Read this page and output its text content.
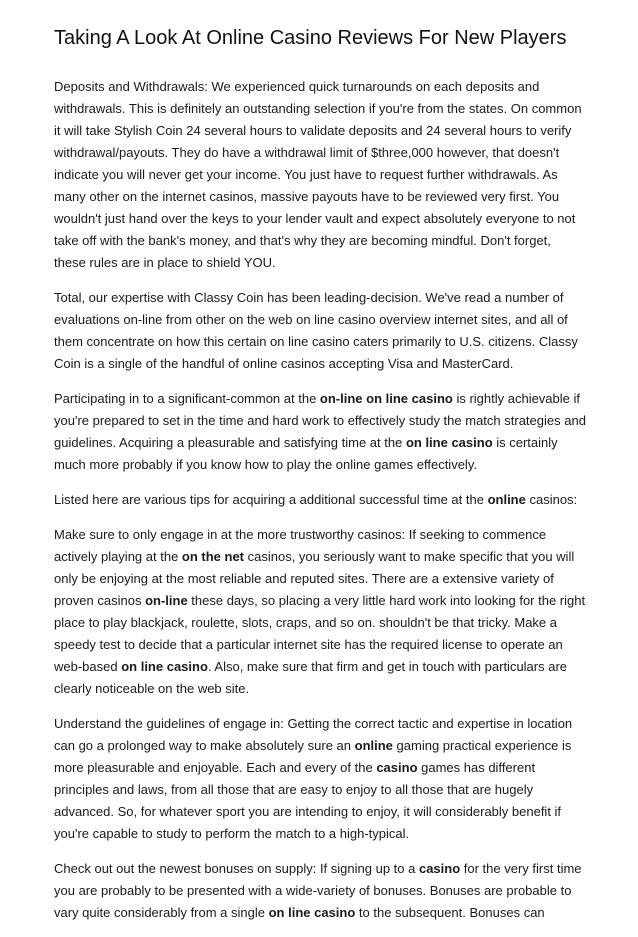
Taking A Look At Online Casino Reviews For New Players

Deposits and Withdrawals: We experienced quick turnarounds on each deposits and withdrawals. This is definitely an outstanding selection if you're from the states. On common it will take Stylish Coin 24 several hours to validate deposits and 24 several hours to verify withdrawal/payouts. They do have a withdrawal limit of $three,000 however, that doesn't indicate you will never get your income. You just have to request further withdrawals. As many other on the internet casinos, massive payouts have to be reviewed very first. You wouldn't just hand over the keys to your lender vault and expect absolutely everyone to not take off with the bank's money, and that's why they are becoming mindful. Don't forget, these rules are in place to shield YOU.

Total, our expertise with Classy Coin has been leading-decision. We've read a number of evaluations on-line from other on the web on line casino overview internet sites, and all of them concentrate on how this certain on line casino caters primarily to U.S. citizens. Classy Coin is a single of the handful of online casinos accepting Visa and MasterCard.

Participating in to a significant-common at the on-line on line casino is rightly achievable if you're prepared to set in the time and hard work to effectively study the match strategies and guidelines. Acquiring a pleasurable and satisfying time at the on line casino is certainly much more probably if you know how to play the online games effectively.

Listed here are various tips for acquiring a additional successful time at the online casinos:

Make sure to only engage in at the more trustworthy casinos: If seeking to commence actively playing at the on the net casinos, you seriously want to make specific that you will only be enjoying at the most reliable and reputed sites. There are a extensive variety of proven casinos on-line these days, so placing a very little hard work into looking for the right place to play blackjack, roulette, slots, craps, and so on. shouldn't be that tricky. Make a speedy test to decide that a particular internet site has the required license to operate an web-based on line casino. Also, make sure that firm and get in touch with particulars are clearly noticeable on the web site.

Understand the guidelines of engage in: Getting the correct tactic and expertise in location can go a prolonged way to make absolutely sure an online gaming practical experience is more pleasurable and enjoyable. Each and every of the casino games has different principles and laws, from all those that are easy to enjoy to all those that are hugely advanced. So, for whatever sport you are intending to enjoy, it will considerably benefit if you're capable to study to perform the match to a high-typical.

Check out out the newest bonuses on supply: If signing up to a casino for the very first time you are probably to be presented with a wide-variety of bonuses. Bonuses are probable to vary quite considerably from a single on line casino to the subsequent. Bonuses can
